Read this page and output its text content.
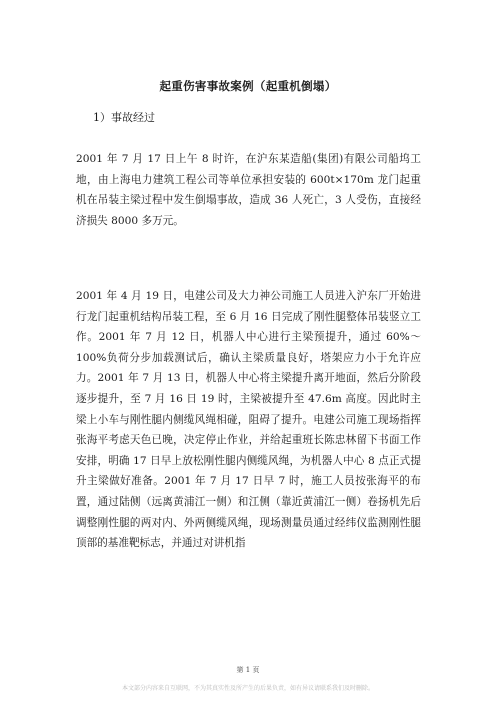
起重伤害事故案例（起重机倒塌）
1）事故经过

2001 年 7 月 17 日上午 8 时许，在沪东某造船(集团)有限公司船坞工地，由上海电力建筑工程公司等单位承担安装的 600t×170m 龙门起重机在吊装主梁过程中发生倒塌事故，造成 36 人死亡，3 人受伤，直接经济损失 8000 多万元。

2001 年 4 月 19 日，电建公司及大力神公司施工人员进入沪东厂开始进行龙门起重机结构吊装工程，至 6 月 16 日完成了刚性腿整体吊装竖立工作。2001 年 7 月 12 日，机器人中心进行主梁预提升，通过 60%～100%负荷分步加载测试后，确认主梁质量良好，塔架应力小于允许应力。2001 年 7 月 13 日，机器人中心将主梁提升离开地面，然后分阶段逐步提升，至 7 月 16 日 19 时，主梁被提升至 47.6m 高度。因此时主梁上小车与刚性腿内侧缆风绳相碰，阻碍了提升。电建公司施工现场指挥张海平考虑天色已晚，决定停止作业，并给起重班长陈忠林留下书面工作安排，明确 17 日早上放松刚性腿内侧缆风绳，为机器人中心 8 点正式提升主梁做好准备。2001 年 7 月 17 日早 7 时，施工人员按张海平的布置，通过陆侧（远离黄浦江一侧）和江侧（靠近黄浦江一侧）卷扬机先后调整刚性腿的两对内、外两侧缆风绳，现场测量员通过经纬仪监测刚性腿顶部的基准靶标志，并通过对讲机指

第 1 页
本文部分内容来自互联网，不为其真实性及所产生的后果负责，如有异议请联系我们及时删除。
